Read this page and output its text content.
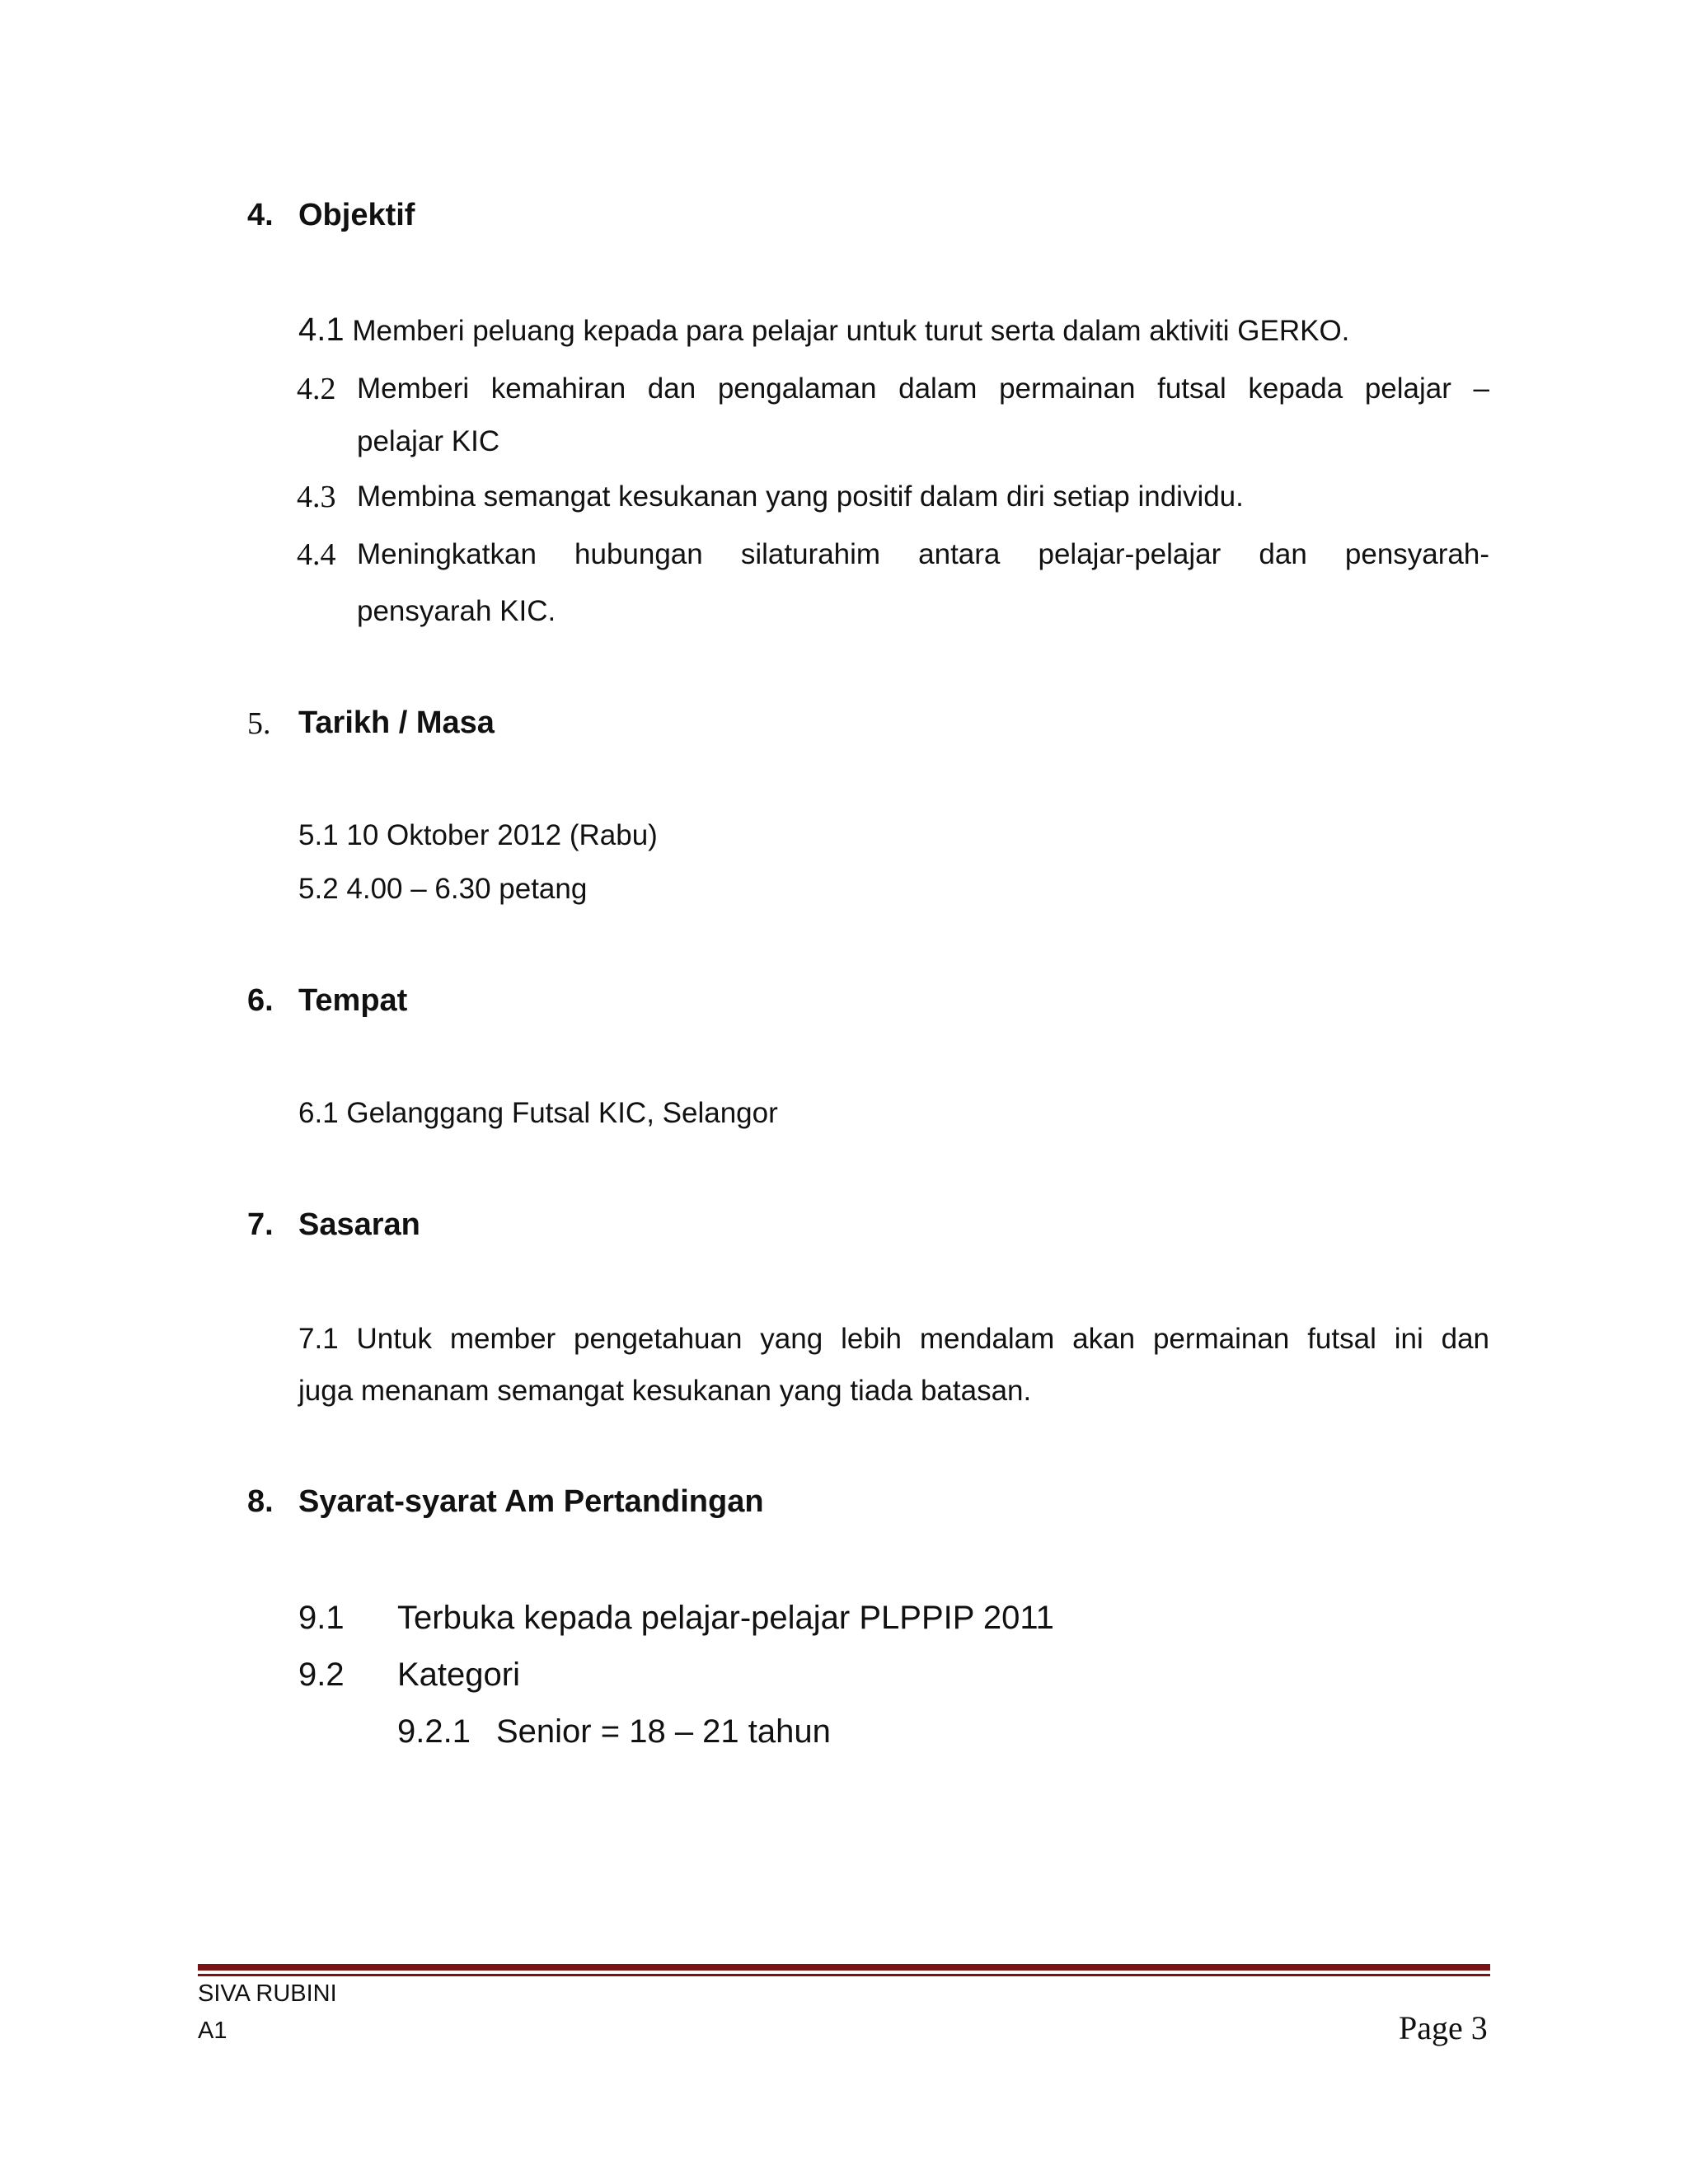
4. Objektif
4.1 Memberi peluang kepada para pelajar untuk turut serta dalam aktiviti GERKO.
4.2 Memberi kemahiran dan pengalaman dalam permainan futsal kepada pelajar –
pelajar KIC
4.3 Membina semangat kesukanan yang positif dalam diri setiap individu.
4.4 Meningkatkan hubungan silaturahim antara pelajar-pelajar dan pensyarah-
pensyarah KIC.
5. Tarikh / Masa
5.1 10 Oktober 2012 (Rabu)
5.2 4.00 – 6.30 petang
6. Tempat
6.1 Gelanggang Futsal KIC, Selangor
7. Sasaran
7.1 Untuk member pengetahuan yang lebih mendalam akan permainan futsal ini dan
juga menanam semangat kesukanan yang tiada batasan.
8. Syarat-syarat Am Pertandingan
9.1 Terbuka kepada pelajar-pelajar PLPPIP 2011
9.2 Kategori
9.2.1 Senior = 18 – 21 tahun
SIVA RUBINI
A1	Page 3
